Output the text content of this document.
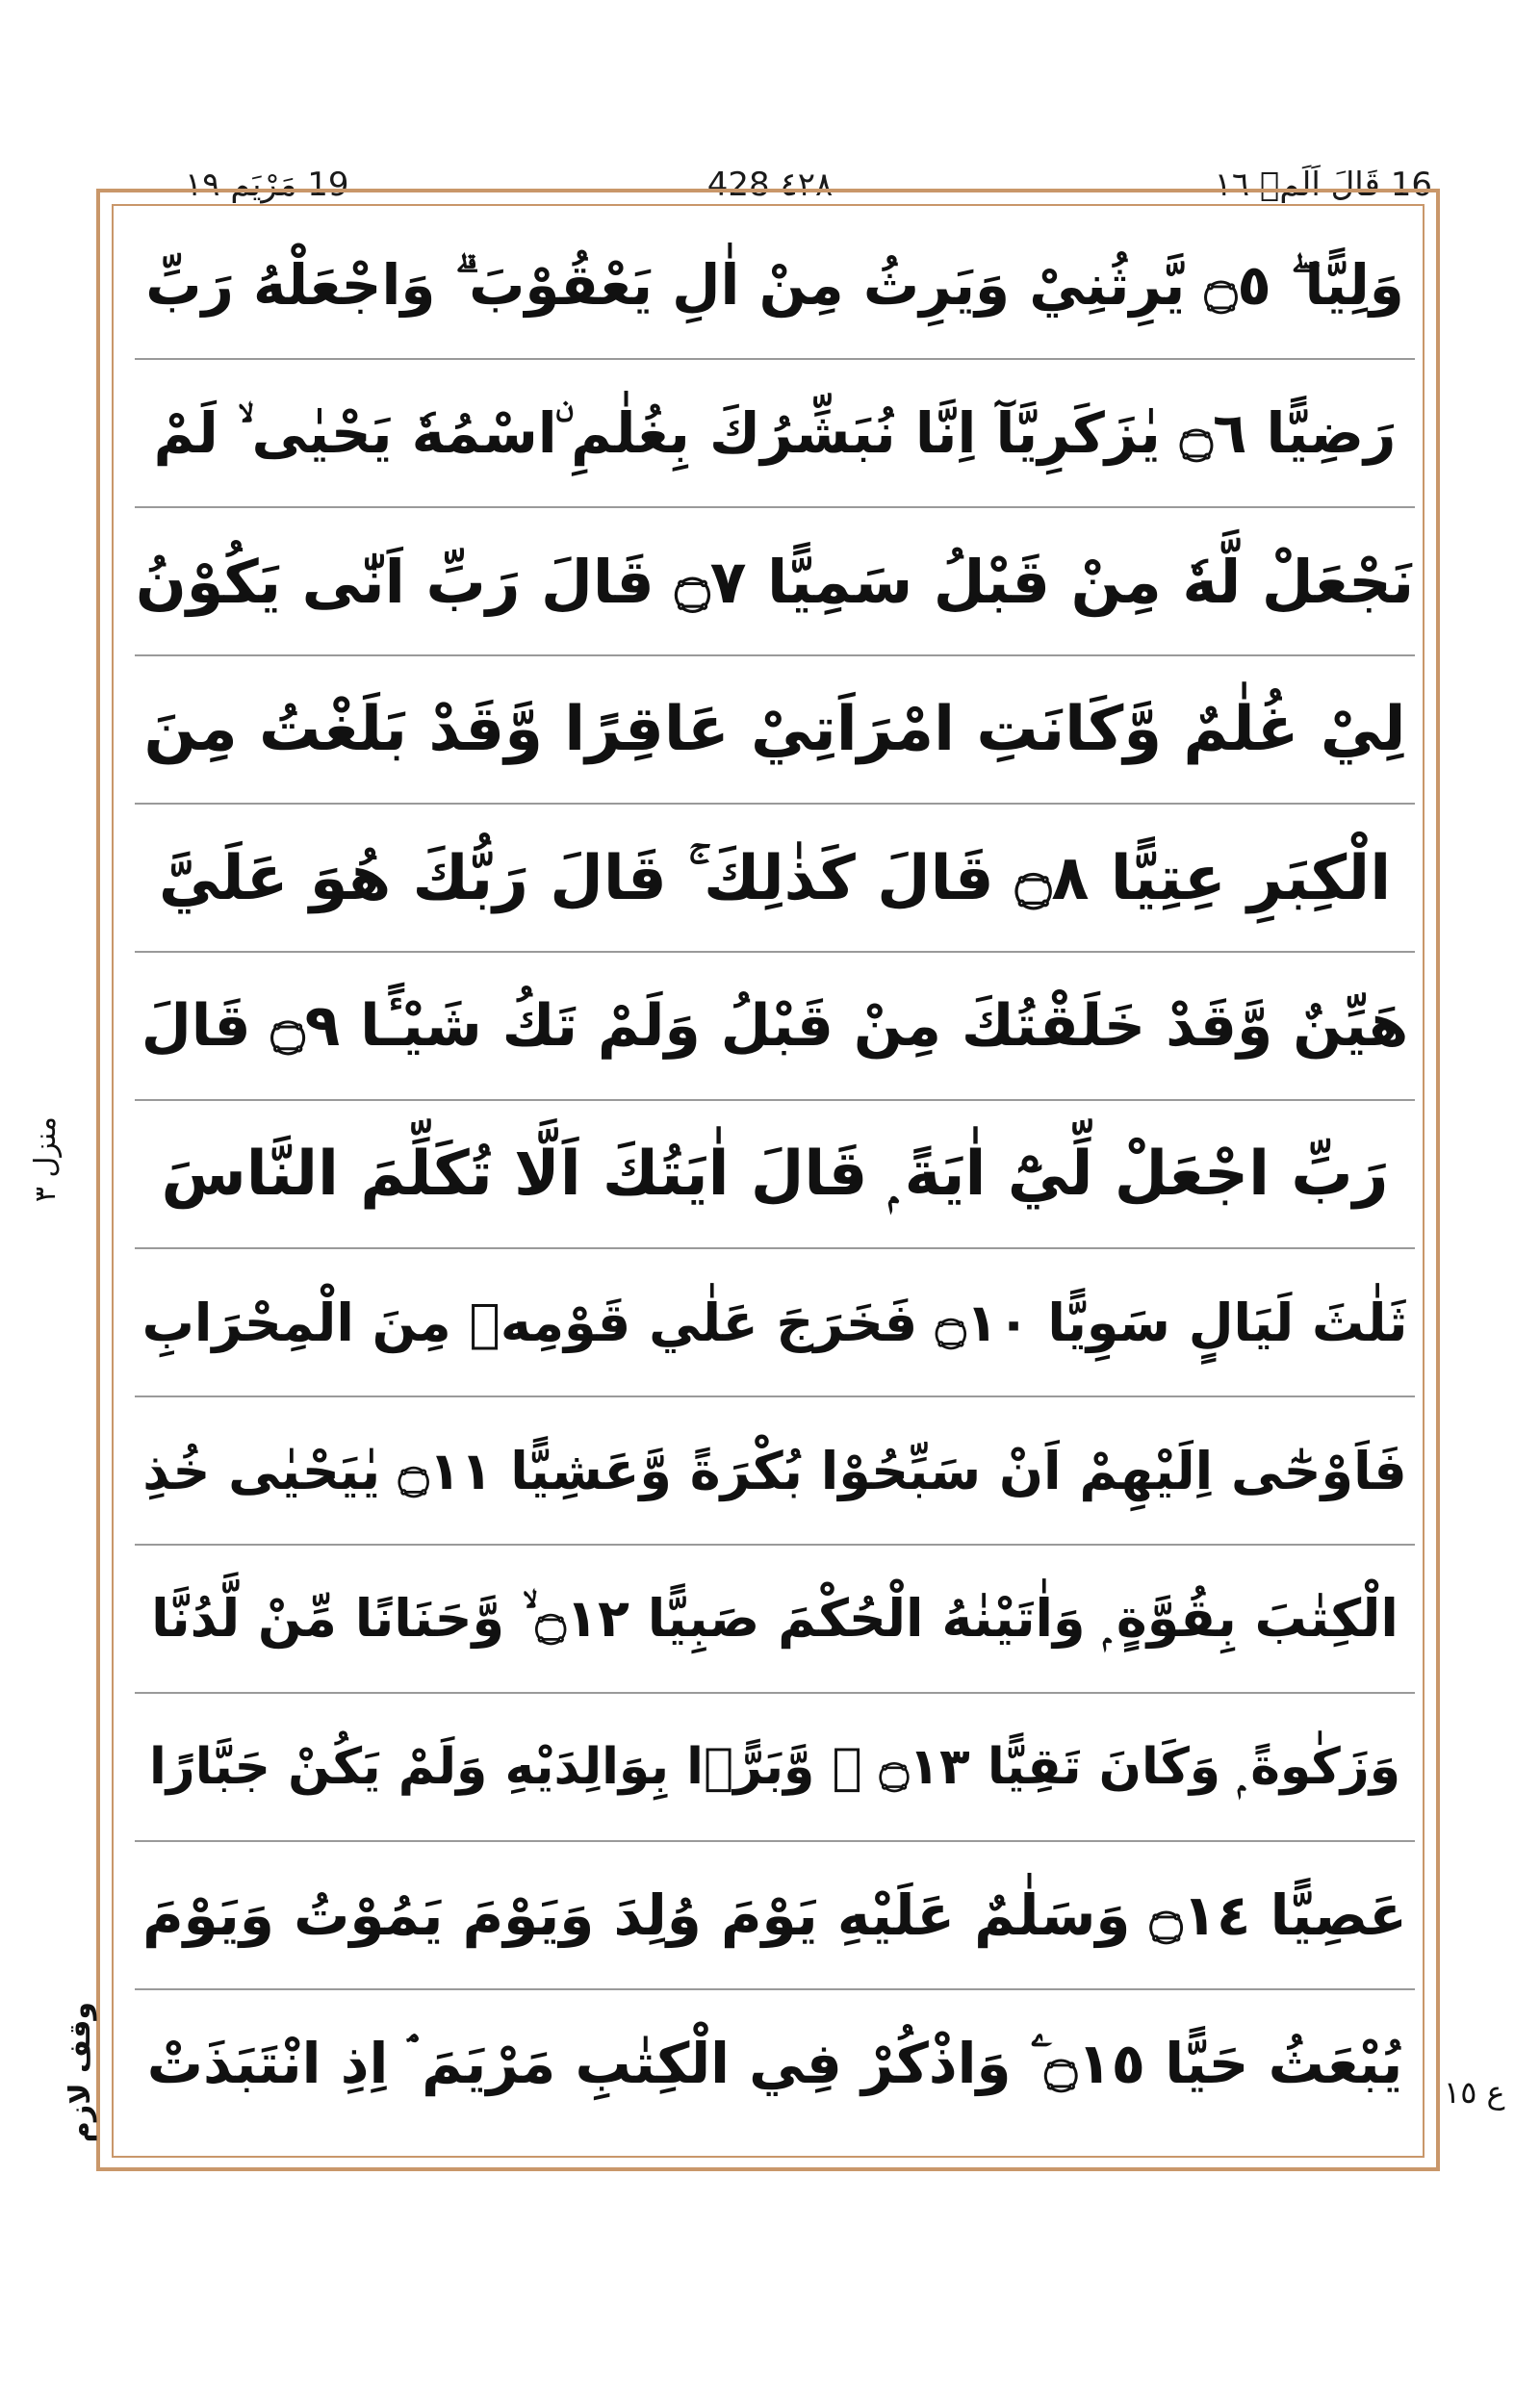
16 قَالَ اَلَمۡ ١٦
٤٢٨ 428
19 مَرْيَم ١٩
وَلِيًّا ۖ ۝٥ يَّرِثُنِيْ وَيَرِثُ مِنْ اٰلِ يَعْقُوْبَ ۗ وَاجْعَلْهُ رَبِّ
رَضِيًّا ۝٦ يٰزَكَرِيَّآ اِنَّا نُبَشِّرُكَ بِغُلٰمِ ۨاسْمُهٗ يَحْيٰى ۙ لَمْ
نَجْعَلْ لَّهٗ مِنْ قَبْلُ سَمِيًّا ۝٧ قَالَ رَبِّ اَنّٰى يَكُوْنُ
لِيْ غُلٰمٌ وَّكَانَتِ امْرَاَتِيْ عَاقِرًا وَّقَدْ بَلَغْتُ مِنَ
الْكِبَرِ عِتِيًّا ۝٨ قَالَ كَذٰلِكَ ۚ قَالَ رَبُّكَ هُوَ عَلَيَّ
هَيِّنٌ وَّقَدْ خَلَقْتُكَ مِنْ قَبْلُ وَلَمْ تَكُ شَيْـًٔا ۝٩ قَالَ
رَبِّ اجْعَلْ لِّيْٓ اٰيَةً ۭ قَالَ اٰيَتُكَ اَلَّا تُكَلِّمَ النَّاسَ
ثَلٰثَ لَيَالٍ سَوِيًّا ۝١٠ فَخَرَجَ عَلٰي قَوْمِهٖ مِنَ الْمِحْرَابِ
فَاَوْحٰٓى اِلَيْهِمْ اَنْ سَبِّحُوْا بُكْرَةً وَّعَشِيًّا ۝١١ يٰيَحْيٰى خُذِ
الْكِتٰبَ بِقُوَّةٍ ۭ وَاٰتَيْنٰهُ الْحُكْمَ صَبِيًّا ۝١٢ ۙ وَّحَنَانًا مِّنْ لَّدُنَّا
وَزَكٰوةً ۭ وَكَانَ تَقِيًّا ۝١٣ ۙ وَّبَرًّۢا بِوَالِدَيْهِ وَلَمْ يَكُنْ جَبَّارًا
عَصِيًّا ۝١٤ وَسَلٰمٌ عَلَيْهِ يَوْمَ وُلِدَ وَيَوْمَ يَمُوْتُ وَيَوْمَ
يُبْعَثُ حَيًّا ۝١٥ ۧ وَاذْكُرْ فِي الْكِتٰبِ مَرْيَمَ ۘ اِذِ انْتَبَذَتْ
منزل ٣
وقف لازم	ع ١٥
